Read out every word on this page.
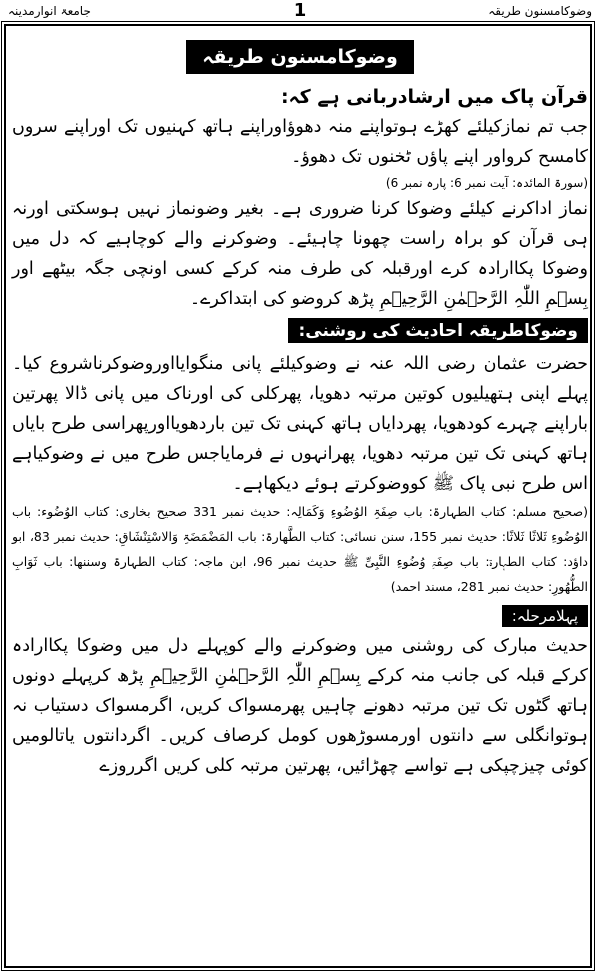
وضوکامسنون طریقہ
1
جامعۃ انوارمدینہ
وضوکامسنون طریقہ

قرآن پاک میں ارشادربانی ہے کہ:

جب تم نمازکیلئے کھڑے ہوتواپنے منہ دھوؤاوراپنے ہاتھ کہنیوں تک اوراپنے سروں کامسح کرواور اپنے پاؤں ٹخنوں تک دھوؤ۔

(سورۃ المائدہ: آیت نمبر 6: پارہ نمبر 6)

نماز اداکرنے کیلئے وضوکا کرنا ضروری ہے۔ بغیر وضونماز نہیں ہوسکتی اورنہ ہی قرآن کو براہ راست چھونا چاہیئے۔ وضوکرنے والے کوچاہیے کہ دل میں وضوکا پکاارادہ کرے اورقبلہ کی طرف منہ کرکے کسی اونچی جگہ بیٹھے اور بِسۡمِ اللّٰہِ الرَّحۡمٰنِ الرَّحِیۡمِ پڑھ کروضو کی ابتداکرے۔

وضوکاطریقہ احادیث کی روشنی:

حضرت عثمان رضی اللہ عنہ نے وضوکیلئے پانی منگوایااوروضوکرناشروع کیا۔ پہلے اپنی ہتھیلیوں کوتین مرتبہ دھویا، پھرکلی کی اورناک میں پانی ڈالا پھرتین باراپنے چہرے کودھویا، پھردایاں ہاتھ کہنی تک تین باردھویااورپھراسی طرح بایاں ہاتھ کہنی تک تین مرتبہ دھویا، پھرانہوں نے فرمایاجس طرح میں نے وضوکیاہے اس طرح نبی پاک ﷺ کووضوکرتے ہوئے دیکھاہے۔

(صحیح مسلم: کتاب الطہارۃ: باب صِفَۃِ الوُضُوءِ وَکَمَالِہ: حدیث نمبر 331 صحیح بخاری: کتاب الوُضُوء: باب الوُضُوءِ ثَلاثًا ثَلاثًا: حدیث نمبر 155، سنن نسائی: کتاب الطَّھارۃ: باب المَضْمَضَۃِ وَالاسْتِنْشَاقِ: حدیث نمبر 83، ابو داؤد: کتاب الطہارۃ: باب صِفَۃِ وُضُوءِ النَّبِیِّ ﷺ حدیث نمبر 96، ابن ماجہ: کتاب الطہارۃ وسننھا: باب ثَوَابِ الطُّھُورِ: حدیث نمبر 281، مسند احمد)

پہلامرحلہ:

حدیث مبارک کی روشنی میں وضوکرنے والے کوپہلے دل میں وضوکا پکاارادہ کرکے قبلہ کی جانب منہ کرکے بِسۡمِ اللّٰہِ الرَّحۡمٰنِ الرَّحِیۡمِ پڑھ کرپہلے دونوں ہاتھ گٹوں تک تین مرتبہ دھونے چاہیں پھرمسواک کریں، اگرمسواک دستیاب نہ ہوتوانگلی سے دانتوں اورمسوڑھوں کومل کرصاف کریں۔ اگردانتوں یاتالومیں کوئی چیزچپکی ہے تواسے چھڑائیں، پھرتین مرتبہ کلی کریں اگرروزے
